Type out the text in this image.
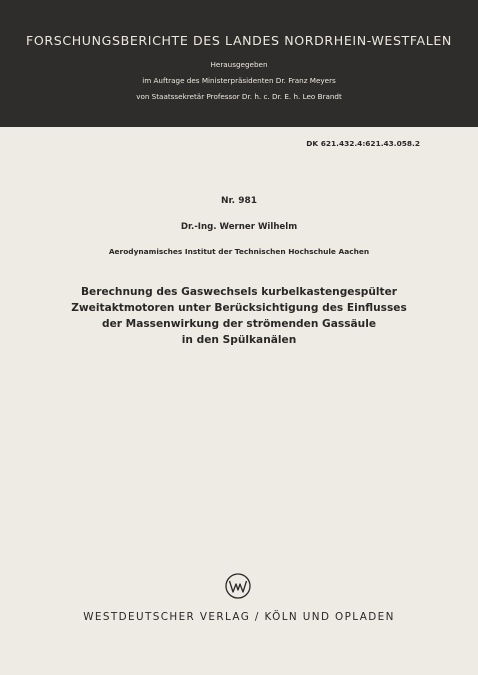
FORSCHUNGSBERICHTE DES LANDES NORDRHEIN-WESTFALEN
Herausgegeben
im Auftrage des Ministerpräsidenten Dr. Franz Meyers
von Staatssekretär Professor Dr. h. c. Dr. E. h. Leo Brandt
DK 621.432.4:621.43.058.2
Nr. 981
Dr.-Ing. Werner Wilhelm
Aerodynamisches Institut der Technischen Hochschule Aachen
Berechnung des Gaswechsels kurbelkastengespülter
Zweitaktmotoren unter Berücksichtigung des Einflusses
der Massenwirkung der strömenden Gassäule
in den Spülkanälen
WESTDEUTSCHER VERLAG / KÖLN UND OPLADEN
